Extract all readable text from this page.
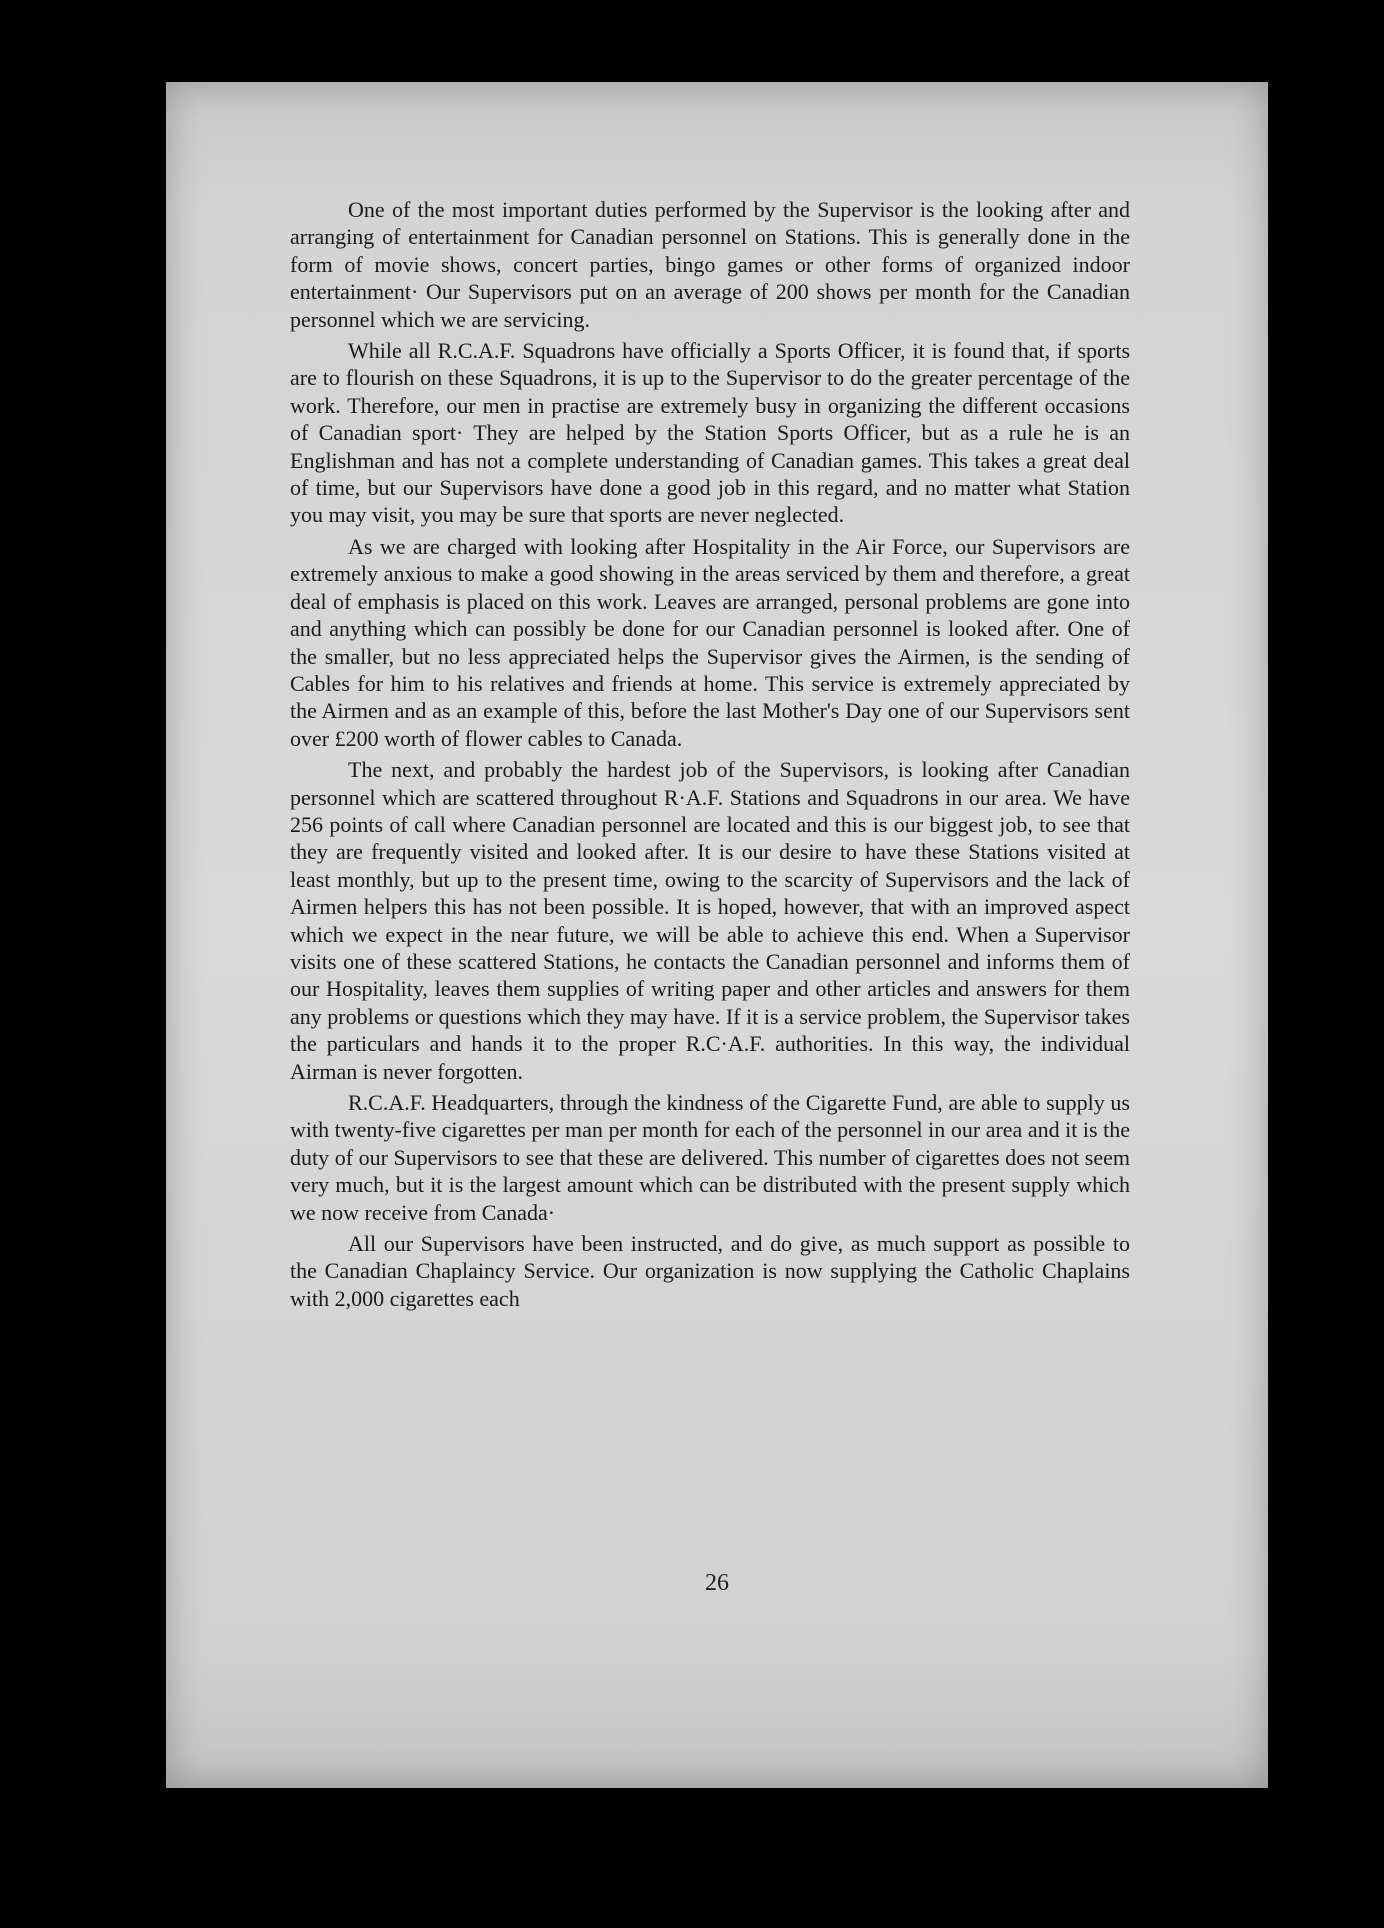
One of the most important duties performed by the Supervisor is the looking after and arranging of entertainment for Canadian personnel on Stations. This is generally done in the form of movie shows, concert parties, bingo games or other forms of organized indoor entertainment· Our Supervisors put on an average of 200 shows per month for the Canadian personnel which we are servicing.

While all R.C.A.F. Squadrons have officially a Sports Officer, it is found that, if sports are to flourish on these Squadrons, it is up to the Supervisor to do the greater percentage of the work. Therefore, our men in practise are extremely busy in organizing the different occasions of Canadian sport· They are helped by the Station Sports Officer, but as a rule he is an Englishman and has not a complete understanding of Canadian games. This takes a great deal of time, but our Supervisors have done a good job in this regard, and no matter what Station you may visit, you may be sure that sports are never neglected.

As we are charged with looking after Hospitality in the Air Force, our Supervisors are extremely anxious to make a good showing in the areas serviced by them and therefore, a great deal of emphasis is placed on this work. Leaves are arranged, personal problems are gone into and anything which can possibly be done for our Canadian personnel is looked after. One of the smaller, but no less appreciated helps the Supervisor gives the Airmen, is the sending of Cables for him to his relatives and friends at home. This service is extremely appreciated by the Airmen and as an example of this, before the last Mother's Day one of our Supervisors sent over £200 worth of flower cables to Canada.

The next, and probably the hardest job of the Supervisors, is looking after Canadian personnel which are scattered throughout R·A.F. Stations and Squadrons in our area. We have 256 points of call where Canadian personnel are located and this is our biggest job, to see that they are frequently visited and looked after. It is our desire to have these Stations visited at least monthly, but up to the present time, owing to the scarcity of Supervisors and the lack of Airmen helpers this has not been possible. It is hoped, however, that with an improved aspect which we expect in the near future, we will be able to achieve this end. When a Supervisor visits one of these scattered Stations, he contacts the Canadian personnel and informs them of our Hospitality, leaves them supplies of writing paper and other articles and answers for them any problems or questions which they may have. If it is a service problem, the Supervisor takes the particulars and hands it to the proper R.C·A.F. authorities. In this way, the individual Airman is never forgotten.

R.C.A.F. Headquarters, through the kindness of the Cigarette Fund, are able to supply us with twenty-five cigarettes per man per month for each of the personnel in our area and it is the duty of our Supervisors to see that these are delivered. This number of cigarettes does not seem very much, but it is the largest amount which can be distributed with the present supply which we now receive from Canada·

All our Supervisors have been instructed, and do give, as much support as possible to the Canadian Chaplaincy Service. Our organization is now supplying the Catholic Chaplains with 2,000 cigarettes each

26
